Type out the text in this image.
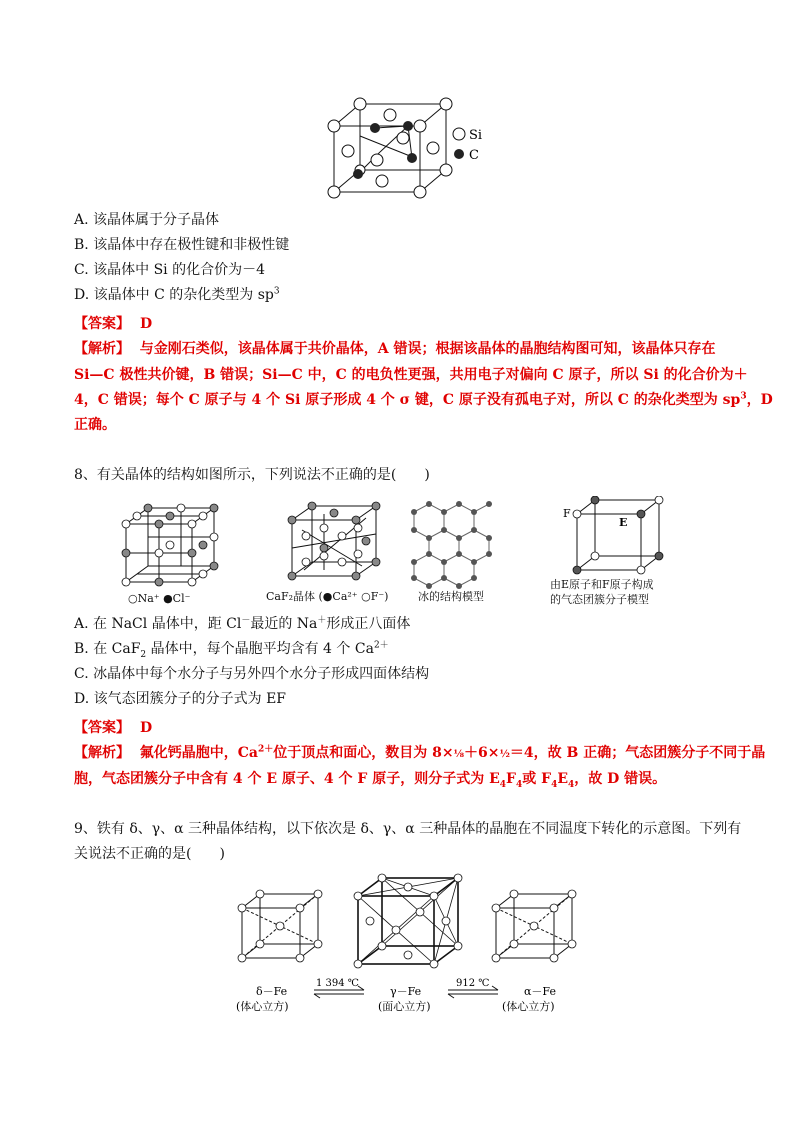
Si
C
A. 该晶体属于分子晶体
B. 该晶体中存在极性键和非极性键
C. 该晶体中 Si 的化合价为－4
D. 该晶体中 C 的杂化类型为 $sp^3$
【答案】 D
【解析】 与金刚石类似，该晶体属于共价晶体，A 错误；根据该晶体的晶胞结构图可知，该晶体只存在
Si—C 极性共价键，B 错误；Si—C 中，C 的电负性更强，共用电子对偏向 C 原子，所以 Si 的化合价为＋
4，C 错误；每个 C 原子与 4 个 Si 原子形成 4 个 σ 键，C 原子没有孤电子对，所以 C 的杂化类型为 $sp^3$，D
正确。
8、有关晶体的结构如图所示，下列说法不正确的是(　　)
○Na⁺ ●Cl⁻	CaF₂晶体 (●Ca²⁺ ○F⁻)	冰的结构模型
F
E
由E原子和F原子构成
的气态团簇分子模型
A. 在 NaCl 晶体中，距 Cl－最近的 Na＋形成正八面体
B. 在 CaF$_2$ 晶体中，每个晶胞平均含有 4 个 $Ca^{2+}$
C. 冰晶体中每个水分子与另外四个水分子形成四面体结构
D. 该气态团簇分子的分子式为 EF
【答案】 D
【解析】 氟化钙晶胞中，$Ca^{2+}$位于顶点和面心，数目为 8×⅛＋6×½＝4，故 B 正确；气态团簇分子不同于晶
胞，气态团簇分子中含有 4 个 E 原子、4 个 F 原子，则分子式为 $E_4F_4$或 $F_4E_4$，故 D 错误。
9、铁有 δ、γ、α 三种晶体结构，以下依次是 δ、γ、α 三种晶体的晶胞在不同温度下转化的示意图。下列有
关说法不正确的是(　　)
1 394 ℃	912 ℃
δ－Fe
(体心立方)
γ－Fe
(面心立方)
α－Fe
(体心立方)
